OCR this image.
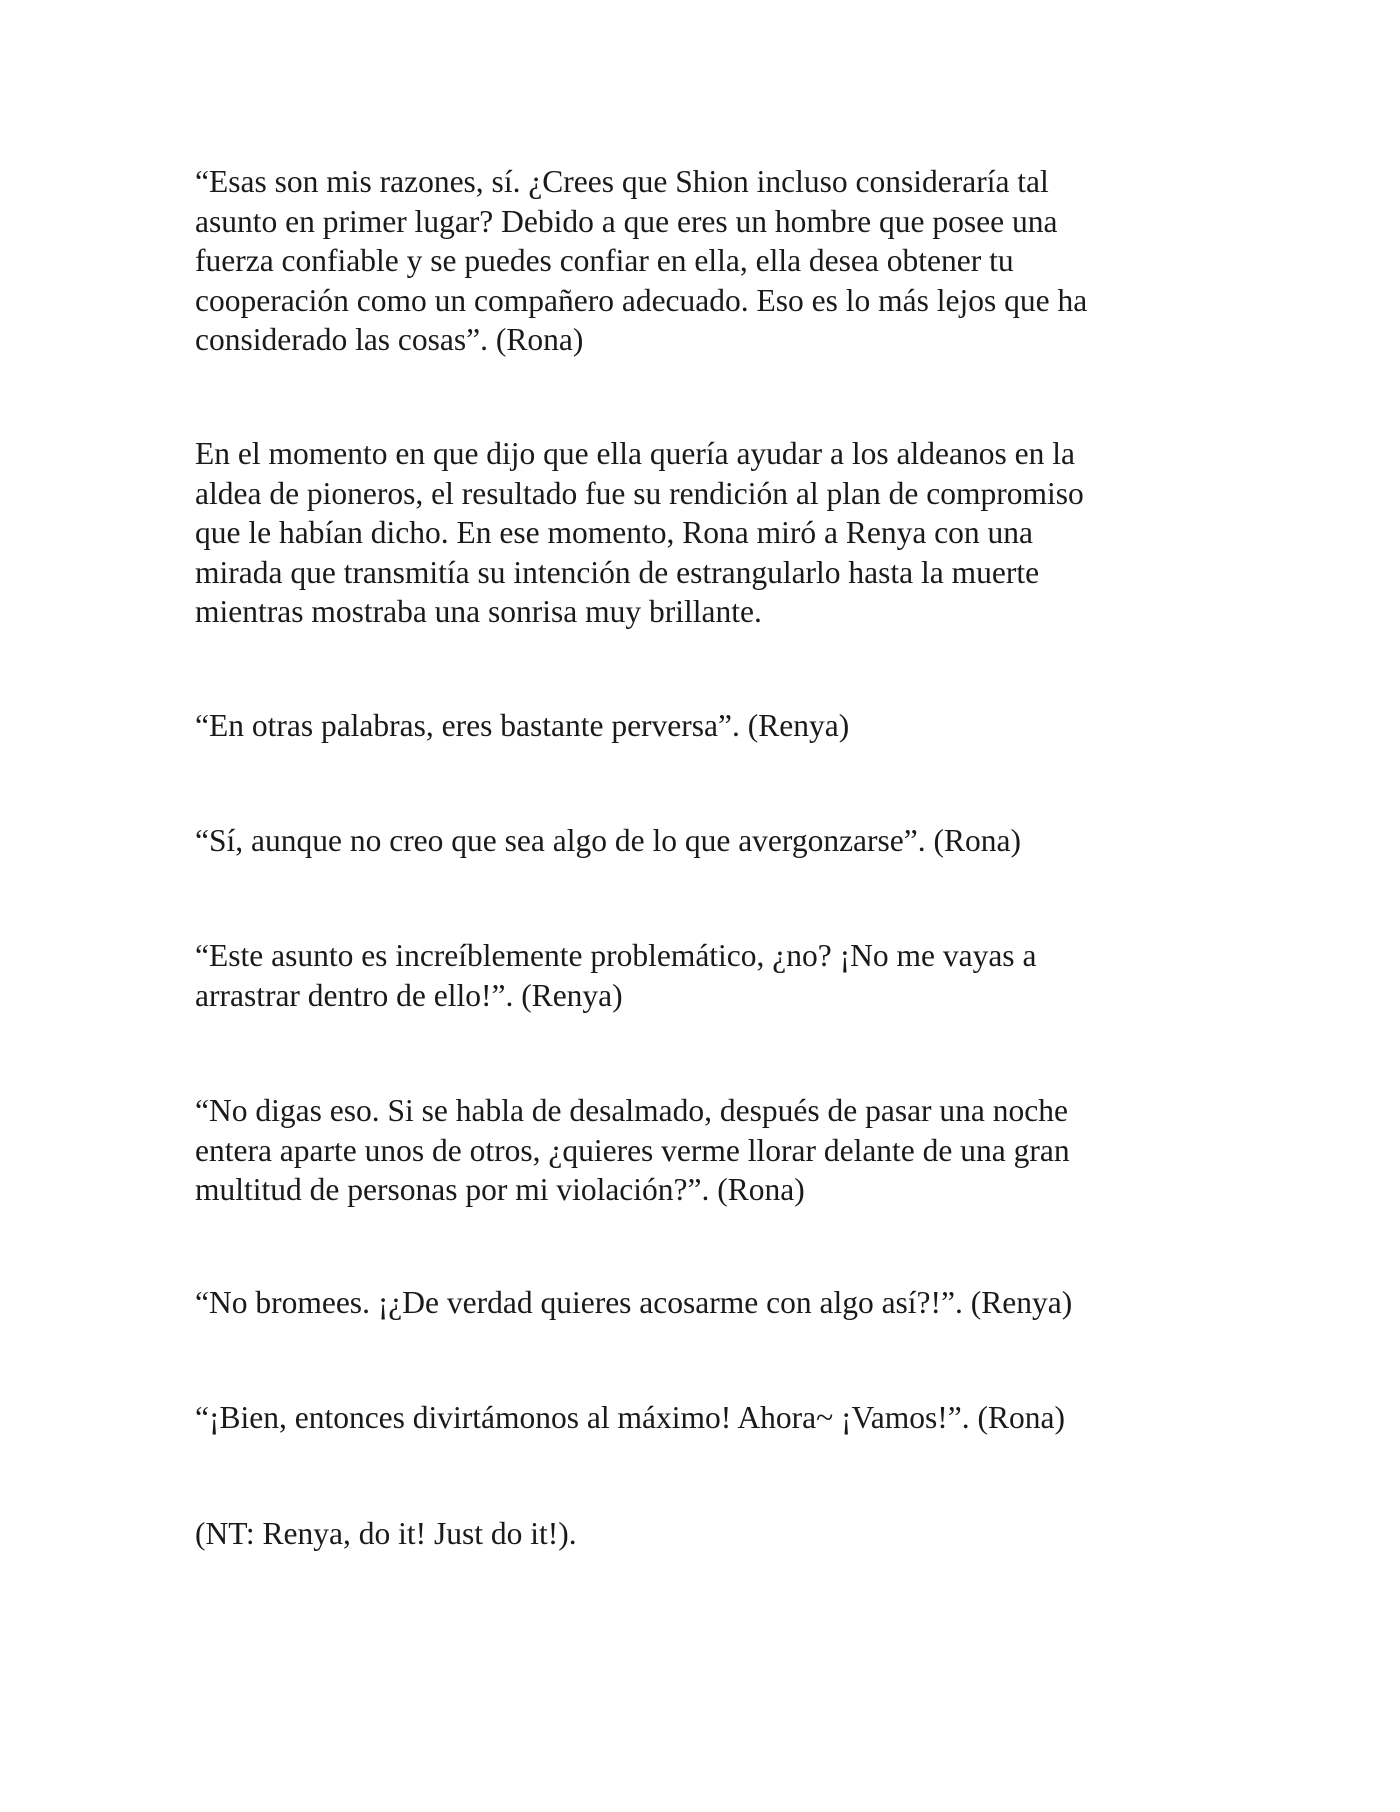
“Esas son mis razones, sí. ¿Crees que Shion incluso consideraría tal
asunto en primer lugar? Debido a que eres un hombre que posee una
fuerza confiable y se puedes confiar en ella, ella desea obtener tu
cooperación como un compañero adecuado. Eso es lo más lejos que ha
considerado las cosas”. (Rona)

En el momento en que dijo que ella quería ayudar a los aldeanos en la
aldea de pioneros, el resultado fue su rendición al plan de compromiso
que le habían dicho. En ese momento, Rona miró a Renya con una
mirada que transmitía su intención de estrangularlo hasta la muerte
mientras mostraba una sonrisa muy brillante.

“En otras palabras, eres bastante perversa”. (Renya)

“Sí, aunque no creo que sea algo de lo que avergonzarse”. (Rona)

“Este asunto es increíblemente problemático, ¿no? ¡No me vayas a
arrastrar dentro de ello!”. (Renya)

“No digas eso. Si se habla de desalmado, después de pasar una noche
entera aparte unos de otros, ¿quieres verme llorar delante de una gran
multitud de personas por mi violación?”. (Rona)

“No bromees. ¡¿De verdad quieres acosarme con algo así?!”. (Renya)

“¡Bien, entonces divirtámonos al máximo! Ahora~ ¡Vamos!”. (Rona)

(NT: Renya, do it! Just do it!).
